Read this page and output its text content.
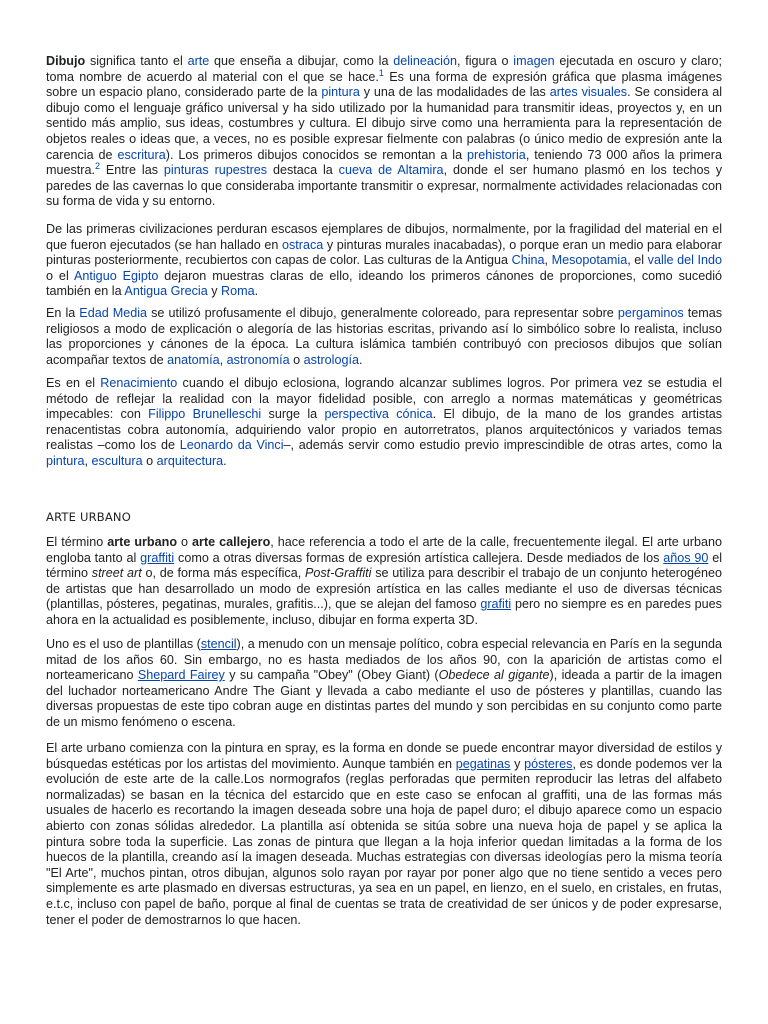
Dibujo significa tanto el arte que enseña a dibujar, como la delineación, figura o imagen ejecutada en oscuro y claro; toma nombre de acuerdo al material con el que se hace.$^1$ Es una forma de expresión gráfica que plasma imágenes sobre un espacio plano, considerado parte de la pintura y una de las modalidades de las artes visuales. Se considera al dibujo como el lenguaje gráfico universal y ha sido utilizado por la humanidad para transmitir ideas, proyectos y, en un sentido más amplio, sus ideas, costumbres y cultura. El dibujo sirve como una herramienta para la representación de objetos reales o ideas que, a veces, no es posible expresar fielmente con palabras (o único medio de expresión ante la carencia de escritura). Los primeros dibujos conocidos se remontan a la prehistoria, teniendo 73 000 años la primera muestra.$^2$ Entre las pinturas rupestres destaca la cueva de Altamira, donde el ser humano plasmó en los techos y paredes de las cavernas lo que consideraba importante transmitir o expresar, normalmente actividades relacionadas con su forma de vida y su entorno.

De las primeras civilizaciones perduran escasos ejemplares de dibujos, normalmente, por la fragilidad del material en el que fueron ejecutados (se han hallado en ostraca y pinturas murales inacabadas), o porque eran un medio para elaborar pinturas posteriormente, recubiertos con capas de color. Las culturas de la Antigua China, Mesopotamia, el valle del Indo o el Antiguo Egipto dejaron muestras claras de ello, ideando los primeros cánones de proporciones, como sucedió también en la Antigua Grecia y Roma.

En la Edad Media se utilizó profusamente el dibujo, generalmente coloreado, para representar sobre pergaminos temas religiosos a modo de explicación o alegoría de las historias escritas, privando así lo simbólico sobre lo realista, incluso las proporciones y cánones de la época. La cultura islámica también contribuyó con preciosos dibujos que solían acompañar textos de anatomía, astronomía o astrología.

Es en el Renacimiento cuando el dibujo eclosiona, logrando alcanzar sublimes logros. Por primera vez se estudia el método de reflejar la realidad con la mayor fidelidad posible, con arreglo a normas matemáticas y geométricas impecables: con Filippo Brunelleschi surge la perspectiva cónica. El dibujo, de la mano de los grandes artistas renacentistas cobra autonomía, adquiriendo valor propio en autorretratos, planos arquitectónicos y variados temas realistas –como los de Leonardo da Vinci–, además servir como estudio previo imprescindible de otras artes, como la pintura, escultura o arquitectura.

ARTE URBANO

El término arte urbano o arte callejero, hace referencia a todo el arte de la calle, frecuentemente ilegal. El arte urbano engloba tanto al graffiti como a otras diversas formas de expresión artística callejera. Desde mediados de los años 90 el término street art o, de forma más específica, Post-Graffiti se utiliza para describir el trabajo de un conjunto heterogéneo de artistas que han desarrollado un modo de expresión artística en las calles mediante el uso de diversas técnicas (plantillas, pósteres, pegatinas, murales, grafitis...), que se alejan del famoso grafiti pero no siempre es en paredes pues ahora en la actualidad es posiblemente, incluso, dibujar en forma experta 3D.

Uno es el uso de plantillas (stencil), a menudo con un mensaje político, cobra especial relevancia en París en la segunda mitad de los años 60. Sin embargo, no es hasta mediados de los años 90, con la aparición de artistas como el norteamericano Shepard Fairey y su campaña "Obey" (Obey Giant) (Obedece al gigante), ideada a partir de la imagen del luchador norteamericano Andre The Giant y llevada a cabo mediante el uso de pósteres y plantillas, cuando las diversas propuestas de este tipo cobran auge en distintas partes del mundo y son percibidas en su conjunto como parte de un mismo fenómeno o escena.

El arte urbano comienza con la pintura en spray, es la forma en donde se puede encontrar mayor diversidad de estilos y búsquedas estéticas por los artistas del movimiento. Aunque también en pegatinas y pósteres, es donde podemos ver la evolución de este arte de la calle.Los normografos (reglas perforadas que permiten reproducir las letras del alfabeto normalizadas) se basan en la técnica del estarcido que en este caso se enfocan al graffiti, una de las formas más usuales de hacerlo es recortando la imagen deseada sobre una hoja de papel duro; el dibujo aparece como un espacio abierto con zonas sólidas alrededor. La plantilla así obtenida se sitúa sobre una nueva hoja de papel y se aplica la pintura sobre toda la superficie. Las zonas de pintura que llegan a la hoja inferior quedan limitadas a la forma de los huecos de la plantilla, creando así la imagen deseada. Muchas estrategias con diversas ideologías pero la misma teoría "El Arte", muchos pintan, otros dibujan, algunos solo rayan por rayar por poner algo que no tiene sentido a veces pero simplemente es arte plasmado en diversas estructuras, ya sea en un papel, en lienzo, en el suelo, en cristales, en frutas, e.t.c, incluso con papel de baño, porque al final de cuentas se trata de creatividad de ser únicos y de poder expresarse, tener el poder de demostrarnos lo que hacen.
